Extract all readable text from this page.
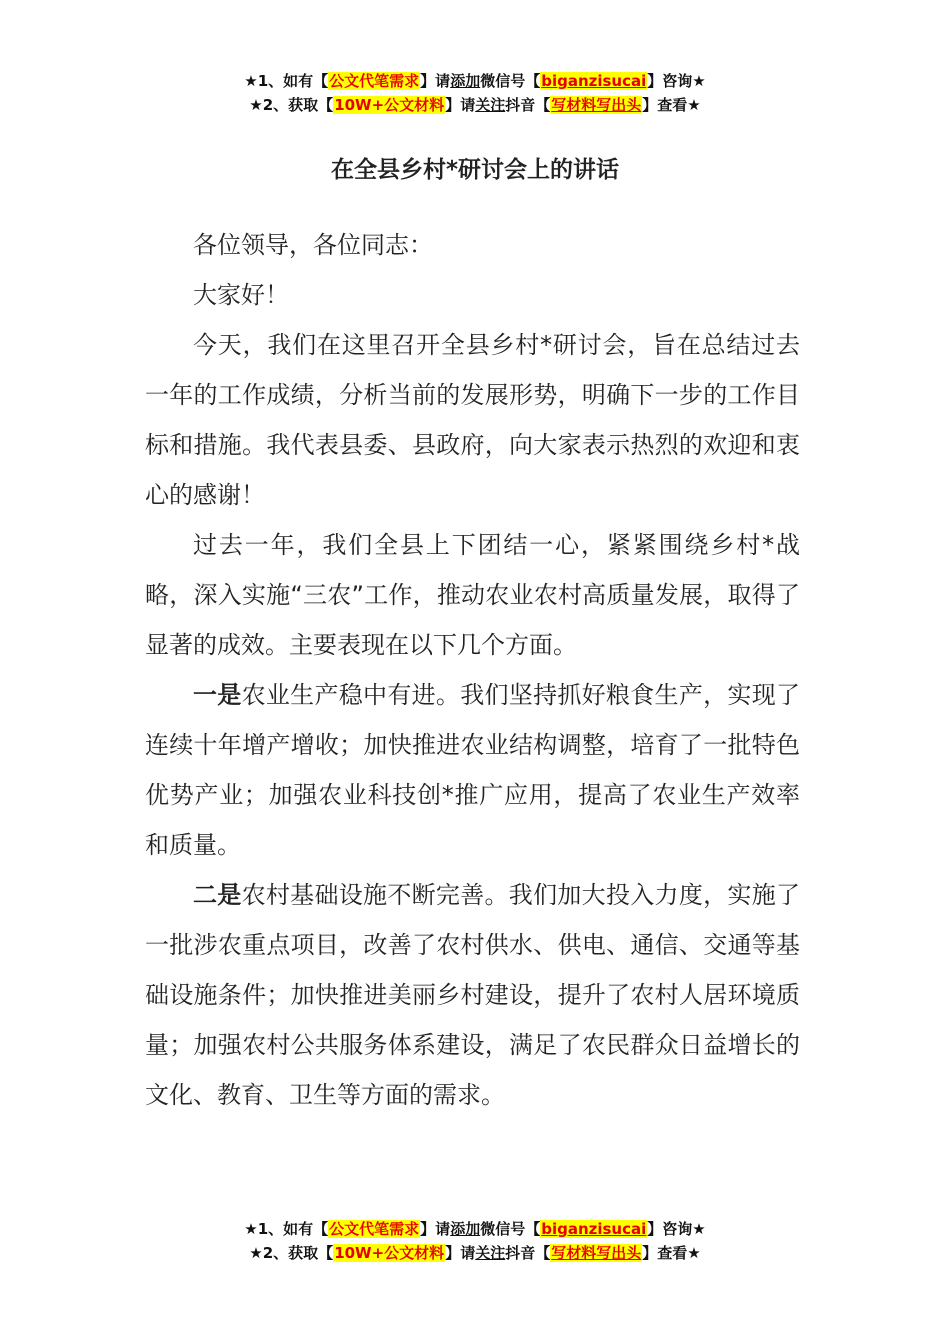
★1、如有【公文代笔需求】请添加微信号【biganzisucai】咨询★
★2、获取【10W+公文材料】请关注抖音【写材料写出头】查看★
在全县乡村*研讨会上的讲话

各位领导，各位同志：

大家好！

今天，我们在这里召开全县乡村*研讨会，旨在总结过去一年的工作成绩，分析当前的发展形势，明确下一步的工作目标和措施。我代表县委、县政府，向大家表示热烈的欢迎和衷心的感谢！

过去一年，我们全县上下团结一心，紧紧围绕乡村*战略，深入实施“三农”工作，推动农业农村高质量发展，取得了显著的成效。主要表现在以下几个方面。

一是农业生产稳中有进。我们坚持抓好粮食生产，实现了连续十年增产增收；加快推进农业结构调整，培育了一批特色优势产业；加强农业科技创*推广应用，提高了农业生产效率和质量。

二是农村基础设施不断完善。我们加大投入力度，实施了一批涉农重点项目，改善了农村供水、供电、通信、交通等基础设施条件；加快推进美丽乡村建设，提升了农村人居环境质量；加强农村公共服务体系建设，满足了农民群众日益增长的文化、教育、卫生等方面的需求。

★1、如有【公文代笔需求】请添加微信号【biganzisucai】咨询★
★2、获取【10W+公文材料】请关注抖音【写材料写出头】查看★
